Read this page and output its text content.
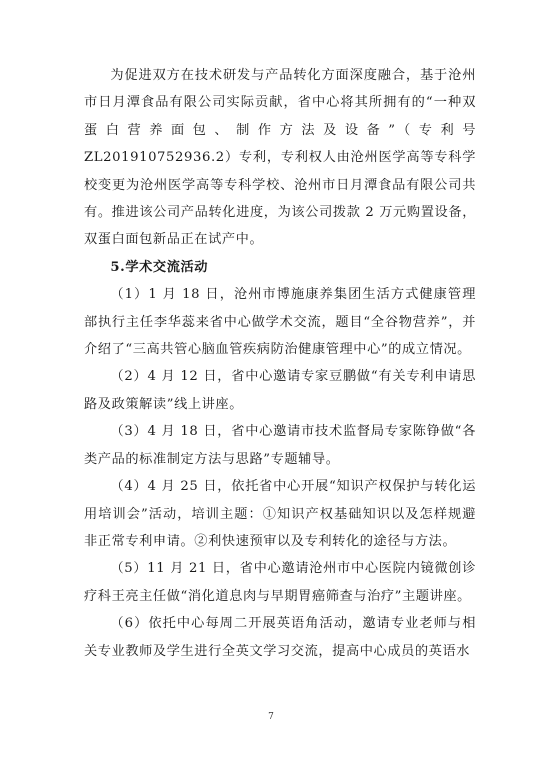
为促进双方在技术研发与产品转化方面深度融合，基于沧州市日月潭食品有限公司实际贡献，省中心将其所拥有的“一种双蛋白营养面包、制作方法及设备”（专利号 ZL201910752936.2）专利，专利权人由沧州医学高等专科学校变更为沧州医学高等专科学校、沧州市日月潭食品有限公司共有。推进该公司产品转化进度，为该公司拨款 2 万元购置设备，双蛋白面包新品正在试产中。

5.学术交流活动

（1）1 月 18 日，沧州市博施康养集团生活方式健康管理部执行主任李华蕊来省中心做学术交流，题目“全谷物营养”，并介绍了“三高共管心脑血管疾病防治健康管理中心”的成立情况。

（2）4 月 12 日，省中心邀请专家豆鹏做“有关专利申请思路及政策解读”线上讲座。

（3）4 月 18 日，省中心邀请市技术监督局专家陈铮做“各类产品的标准制定方法与思路”专题辅导。

（4）4 月 25 日，依托省中心开展“知识产权保护与转化运用培训会”活动，培训主题：①知识产权基础知识以及怎样规避非正常专利申请。②利快速预审以及专利转化的途径与方法。

（5）11 月 21 日，省中心邀请沧州市中心医院内镜微创诊疗科王亮主任做“消化道息肉与早期胃癌筛查与治疗”主题讲座。

（6）依托中心每周二开展英语角活动，邀请专业老师与相关专业教师及学生进行全英文学习交流，提高中心成员的英语水

7
